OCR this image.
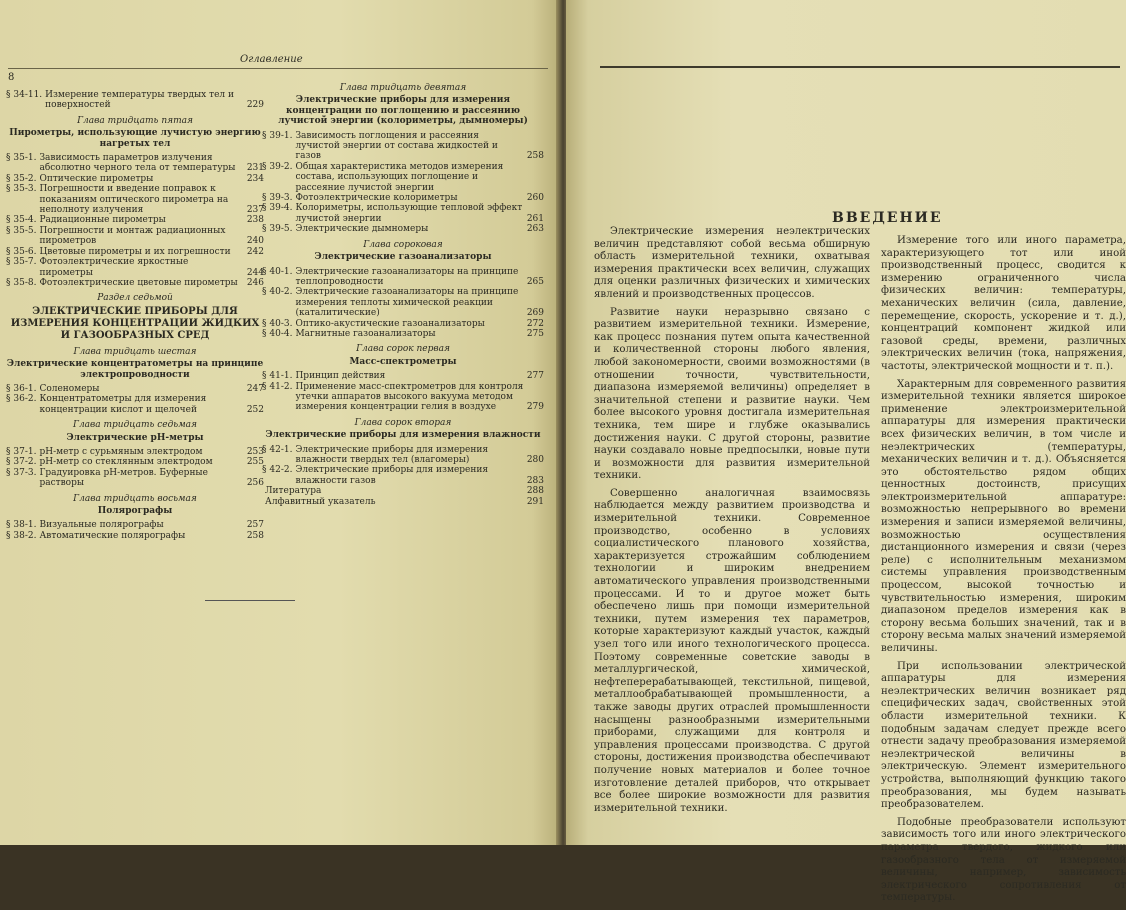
8
Оглавление
§ 34-11. Измерение температуры твердых тел и поверхностей	229
Глава тридцать пятая
Пирометры, использующие лучистую энергию нагретых тел
§ 35-1. Зависимость параметров излучения абсолютно черного тела от температуры	231
§ 35-2. Оптические пирометры	234
§ 35-3. Погрешности и введение поправок к показаниям оптического пирометра на неполноту излучения	237
§ 35-4. Радиационные пирометры	238
§ 35-5. Погрешности и монтаж радиационных пирометров	240
§ 35-6. Цветовые пирометры и их погрешности	242
§ 35-7. Фотоэлектрические яркостные пирометры	244
§ 35-8. Фотоэлектрические цветовые пирометры	246
Раздел седьмой
ЭЛЕКТРИЧЕСКИЕ ПРИБОРЫ ДЛЯ ИЗМЕРЕНИЯ КОНЦЕНТРАЦИИ ЖИДКИХ И ГАЗООБРАЗНЫХ СРЕД
Глава тридцать шестая
Электрические концентратометры на принципе электропроводности
§ 36-1. Соленомеры	247
§ 36-2. Концентратометры для измерения концентрации кислот и щелочей	252
Глава тридцать седьмая
Электрические pH-метры
§ 37-1. pH-метр с сурьмяным электродом	253
§ 37-2. pH-метр со стеклянным электродом	255
§ 37-3. Градуировка pH-метров. Буферные растворы	256
Глава тридцать восьмая
Полярографы
§ 38-1. Визуальные полярографы	257
§ 38-2. Автоматические полярографы	258
Глава тридцать девятая
Электрические приборы для измерения концентрации по поглощению и рассеянию лучистой энергии (колориметры, дымномеры)
§ 39-1. Зависимость поглощения и рассеяния лучистой энергии от состава жидкостей и газов	258
§ 39-2. Общая характеристика методов измерения состава, использующих поглощение и рассеяние лучистой энергии
§ 39-3. Фотоэлектрические колориметры	260
§ 39-4. Колориметры, использующие тепловой эффект лучистой энергии	261
§ 39-5. Электрические дымномеры	263
Глава сороковая
Электрические газоанализаторы
§ 40-1. Электрические газоанализаторы на принципе теплопроводности	265
§ 40-2. Электрические газоанализаторы на принципе измерения теплоты химической реакции (каталитические)	269
§ 40-3. Оптико-акустические газоанализаторы	272
§ 40-4. Магнитные газоанализаторы	275
Глава сорок первая
Масс-спектрометры
§ 41-1. Принцип действия	277
§ 41-2. Применение масс-спектрометров для контроля утечки аппаратов высокого вакуума методом измерения концентрации гелия в воздухе	279
Глава сорок вторая
Электрические приборы для измерения влажности
§ 42-1. Электрические приборы для измерения влажности твердых тел (влагомеры)	280
§ 42-2. Электрические приборы для измерения влажности газов	283
Литература	288
Алфавитный указатель	291
ВВЕДЕНИЕ

Электрические измерения неэлектрических величин представляют собой весьма обширную область измерительной техники, охватывая измерения практически всех величин, служащих для оценки различных физических и химических явлений и производственных процессов.

Развитие науки неразрывно связано с развитием измерительной техники. Измерение, как процесс познания путем опыта качественной и количественной стороны любого явления, любой закономерности, своими возможностями (в отношении точности, чувствительности, диапазона измеряемой величины) определяет в значительной степени и развитие науки. Чем более высокого уровня достигала измерительная техника, тем шире и глубже оказывались достижения науки. С другой стороны, развитие науки создавало новые предпосылки, новые пути и возможности для развития измерительной техники.

Совершенно аналогичная взаимосвязь наблюдается между развитием производства и измерительной техники. Современное производство, особенно в условиях социалистического планового хозяйства, характеризуется строжайшим соблюдением технологии и широким внедрением автоматического управления производственными процессами. И то и другое может быть обеспечено лишь при помощи измерительной техники, путем измерения тех параметров, которые характеризуют каждый участок, каждый узел того или иного технологического процесса. Поэтому современные советские заводы в металлургической, химической, нефтеперерабатывающей, текстильной, пищевой, металлообрабатывающей промышленности, а также заводы других отраслей промышленности насыщены разнообразными измерительными приборами, служащими для контроля и управления процессами производства. С другой стороны, достижения производства обеспечивают получение новых материалов и более точное изготовление деталей приборов, что открывает все более широкие возможности для развития измерительной техники.

Измерение того или иного параметра, характеризующего тот или иной производственный процесс, сводится к измерению ограниченного числа физических величин: температуры, механических величин (сила, давление, перемещение, скорость, ускорение и т. д.), концентраций компонент жидкой или газовой среды, времени, различных электрических величин (тока, напряжения, частоты, электрической мощности и т. п.).

Характерным для современного развития измерительной техники является широкое применение электроизмерительной аппаратуры для измерения практически всех физических величин, в том числе и неэлектрических (температуры, механических величин и т. д.). Объясняется это обстоятельство рядом общих ценностных достоинств, присущих электроизмерительной аппаратуре: возможностью непрерывного во времени измерения и записи измеряемой величины, возможностью осуществления дистанционного измерения и связи (через реле) с исполнительным механизмом системы управления производственным процессом, высокой точностью и чувствительностью измерения, широким диапазоном пределов измерения как в сторону весьма больших значений, так и в сторону весьма малых значений измеряемой величины.

При использовании электрической аппаратуры для измерения неэлектрических величин возникает ряд специфических задач, свойственных этой области измерительной техники. К подобным задачам следует прежде всего отнести задачу преобразования измеряемой неэлектрической величины в электрическую. Элемент измерительного устройства, выполняющий функцию такого преобразования, мы будем называть преобразователем.

Подобные преобразователи используют зависимость того или иного электрического параметра твердого, жидкого или газообразного тела от измеряемой величины, например, зависимость электрического сопротивления от температуры.
